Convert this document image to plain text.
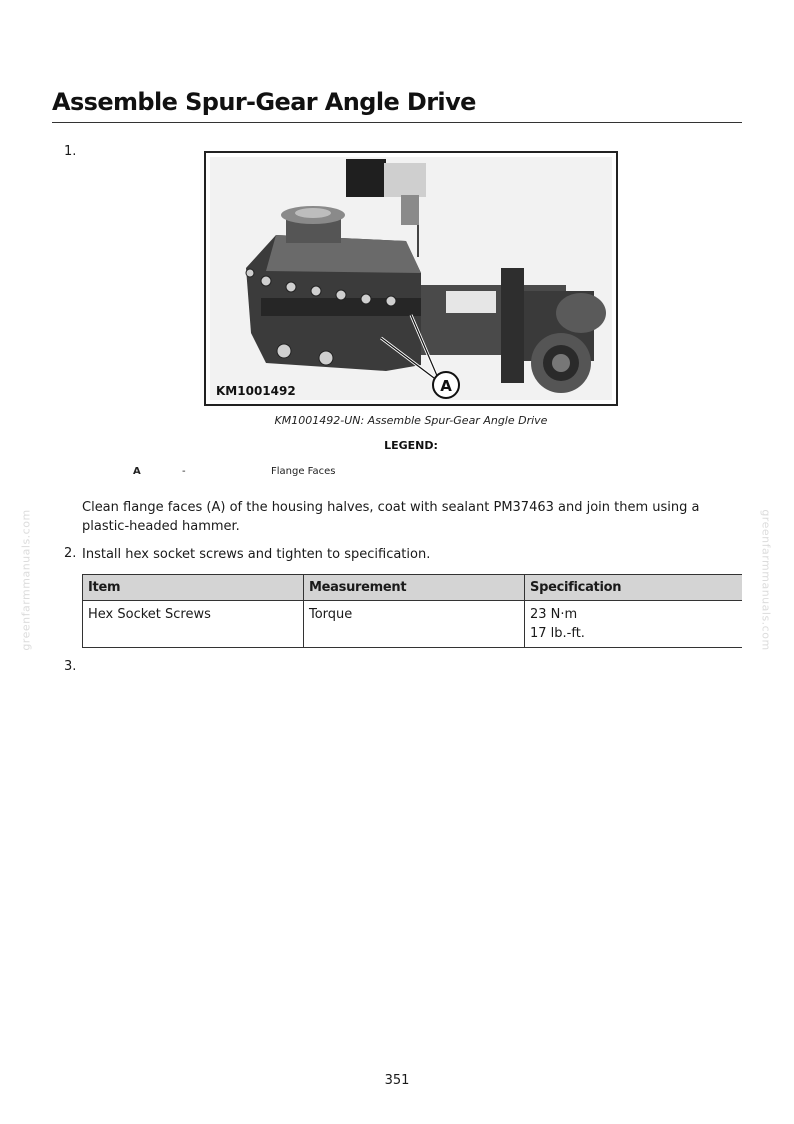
Assemble Spur-Gear Angle Drive
greenfarmmanuals.com	greenfarmmanuals.com
1.
A
KM1001492
KM1001492-UN: Assemble Spur-Gear Angle Drive
LEGEND:
A	-	Flange Faces
Clean flange faces (A) of the housing halves, coat with sealant PM37463 and join them using a plastic-headed hammer.
2. Install hex socket screws and tighten to specification.
Item	Measurement	Specification
Hex Socket Screws	Torque	23 N·m
17 lb.-ft.
3.
351
